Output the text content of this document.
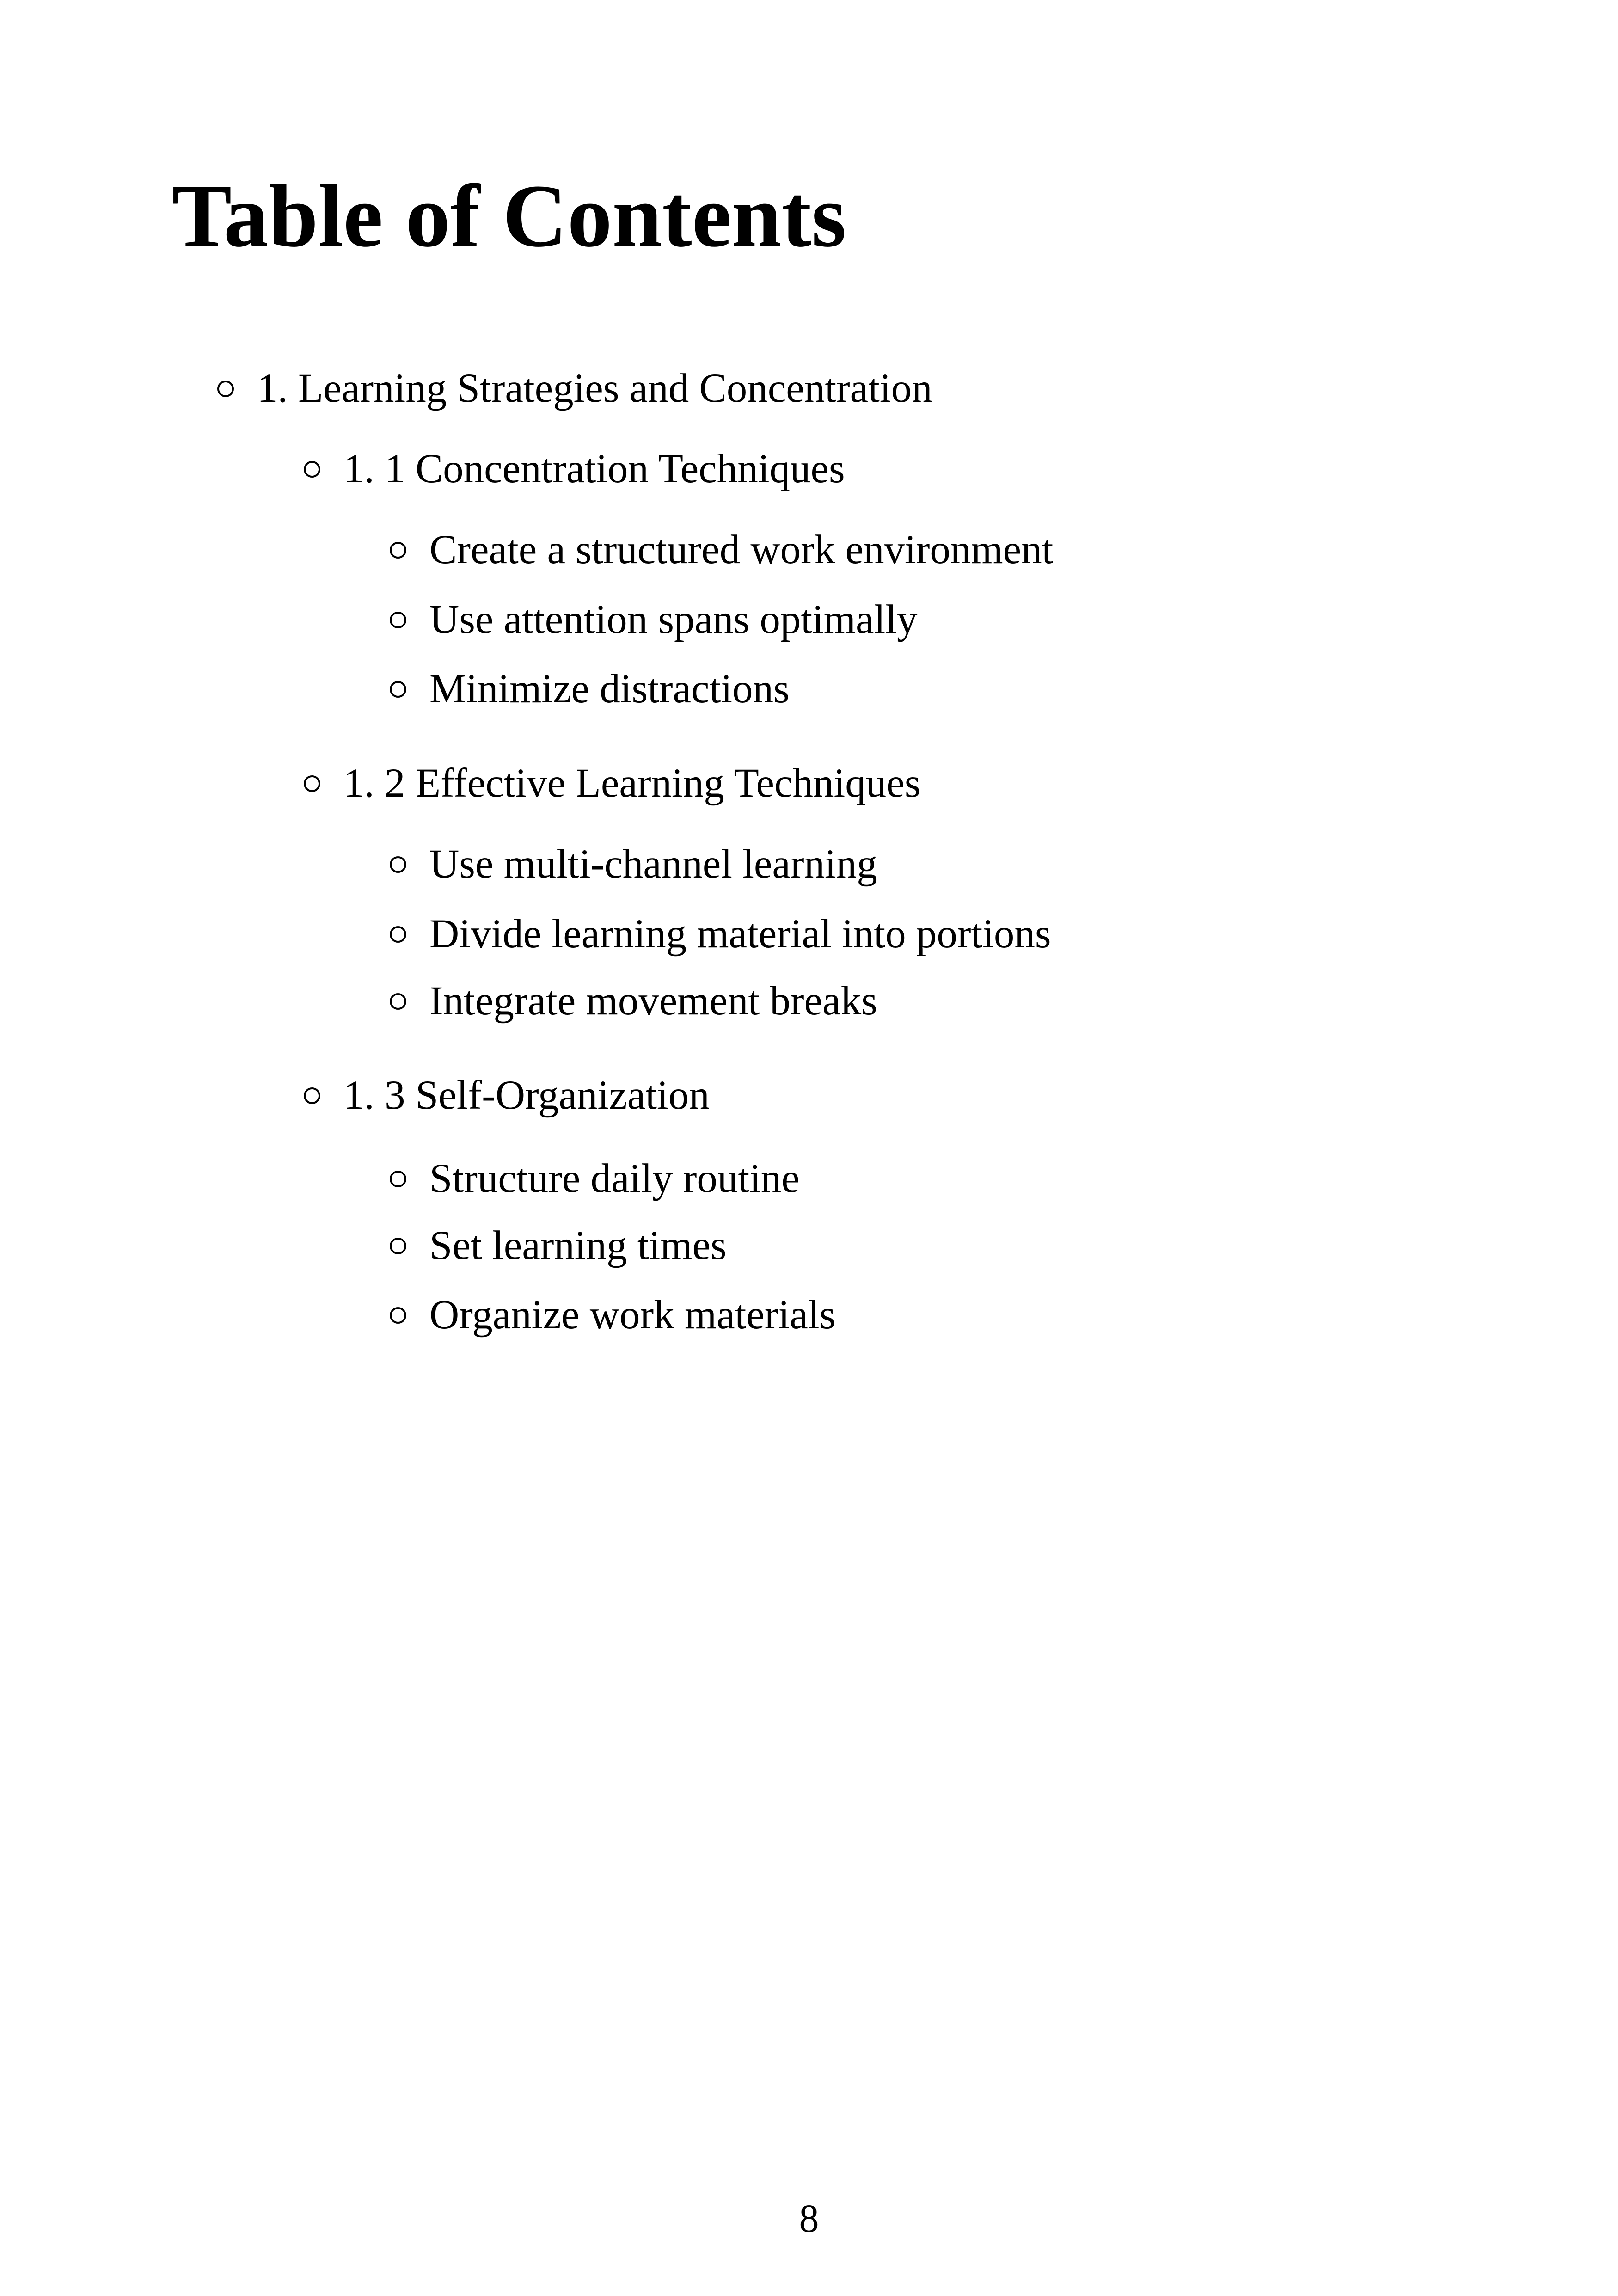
Table of Contents
1. Learning Strategies and Concentration
1. 1 Concentration Techniques
Create a structured work environment
Use attention spans optimally
Minimize distractions
1. 2 Effective Learning Techniques
Use multi-channel learning
Divide learning material into portions
Integrate movement breaks
1. 3 Self-Organization
Structure daily routine
Set learning times
Organize work materials
8
